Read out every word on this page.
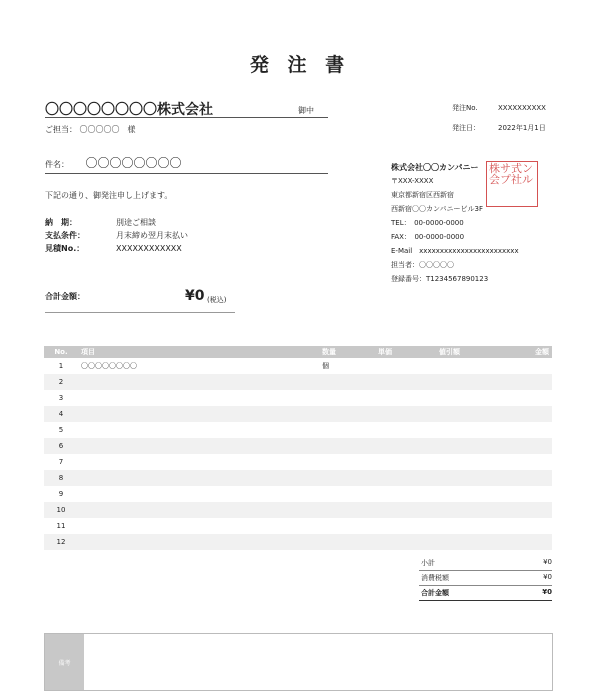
発 注 書
〇〇〇〇〇〇〇〇株式会社	御中
ご担当： 〇〇〇〇〇　様
件名： 〇〇〇〇〇〇〇〇
下記の通り、御発注申し上げます。
納　期：	別途ご相談
支払条件：	月末締め翌月末払い
見積No.：	XXXXXXXXXXXX
合計金額：	¥0 (税込)
発注No.	XXXXXXXXXX
発注日：	2022年1月1日
株式会社〇〇カンパニー
〒XXX-XXXX
東京都新宿区西新宿
西新宿〇〇カンパニービル3F
TEL：　00-0000-0000
FAX：　00-0000-0000
E-Mail　xxxxxxxxxxxxxxxxxxxxxxxx
担当者：〇〇〇〇〇
登録番号：T1234567890123
株サ式ン会プ社ル
No.	項目	数量	単価	値引額	金額
1	〇〇〇〇〇〇〇〇	個			
2					
3					
4					
5					
6					
7					
8					
9					
10					
11					
12					
小計	¥0
消費税額	¥0
合計金額	¥0
備考
